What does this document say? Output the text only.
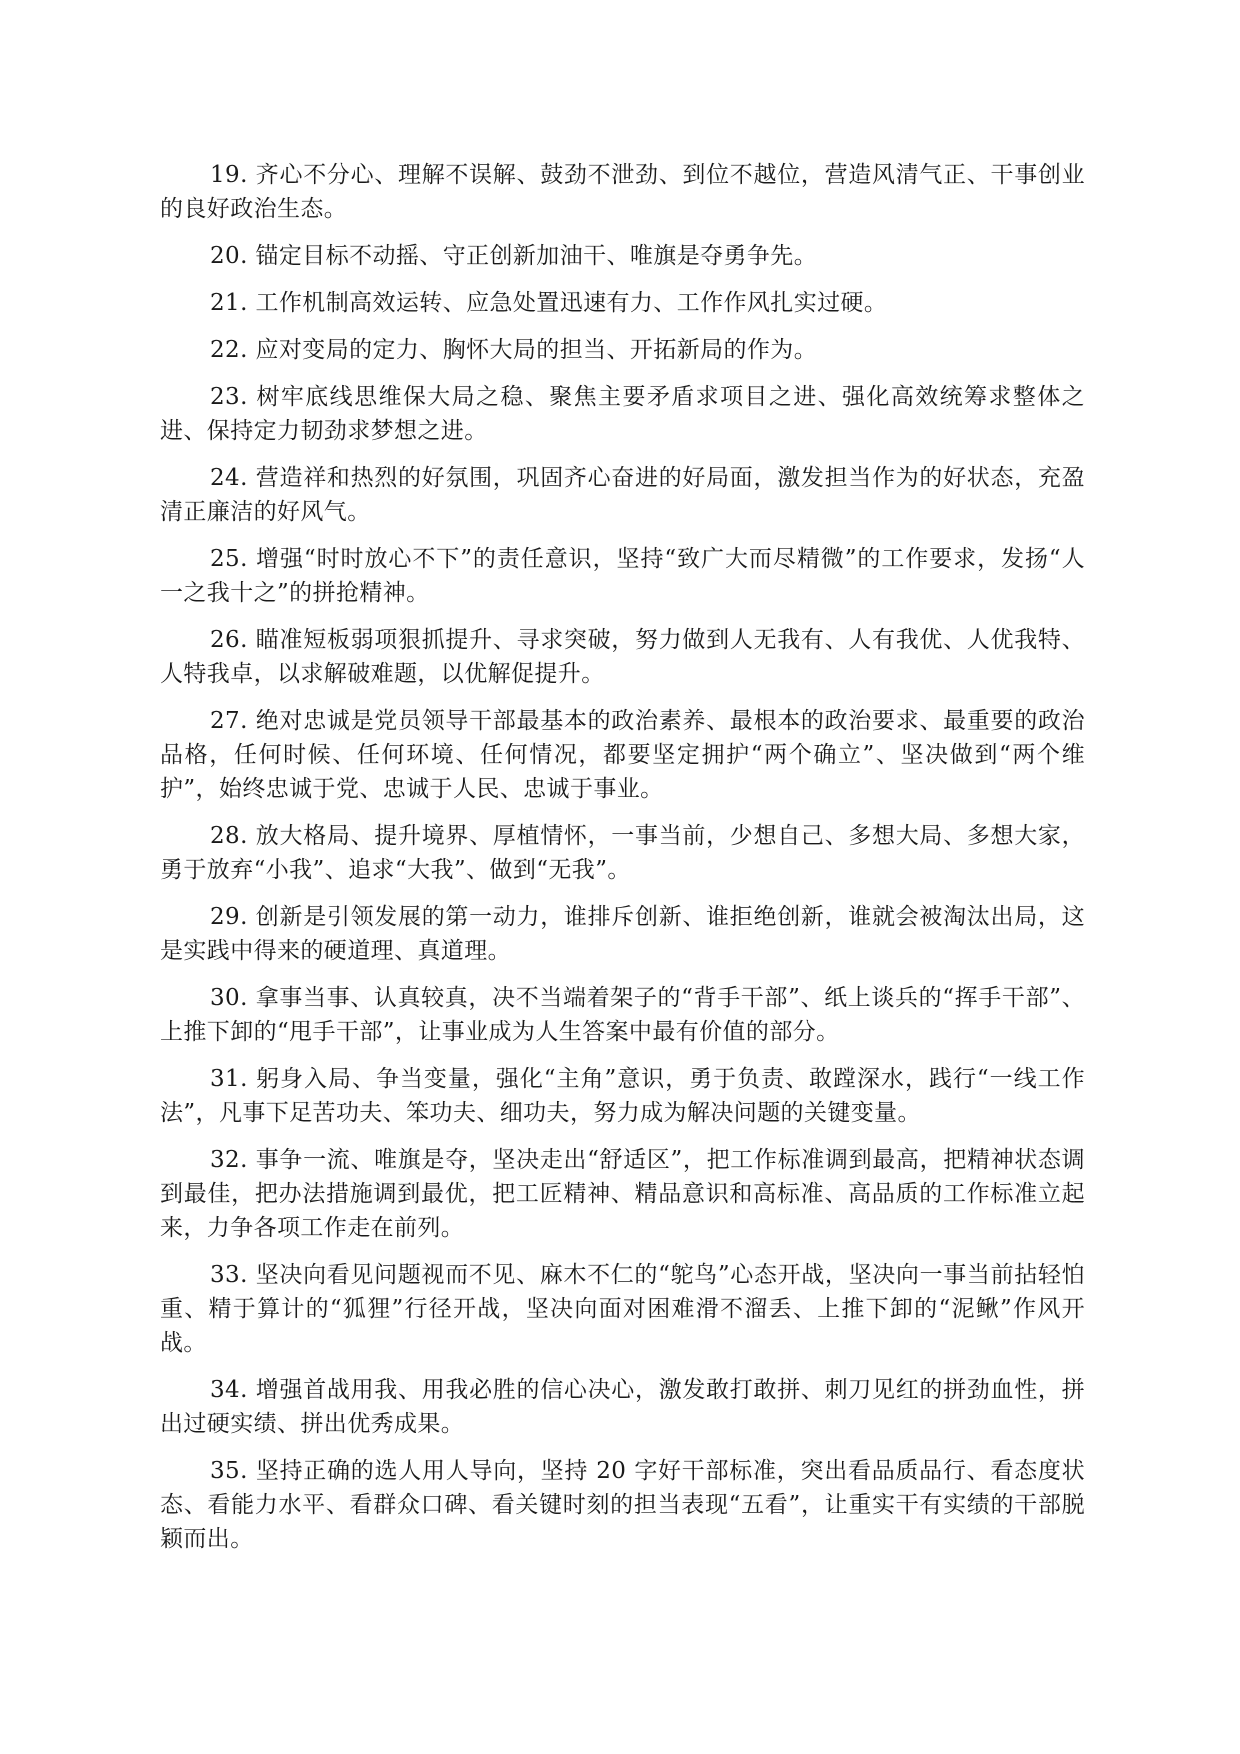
19. 齐心不分心、理解不误解、鼓劲不泄劲、到位不越位，营造风清气正、干事创业的良好政治生态。

20. 锚定目标不动摇、守正创新加油干、唯旗是夺勇争先。

21. 工作机制高效运转、应急处置迅速有力、工作作风扎实过硬。

22. 应对变局的定力、胸怀大局的担当、开拓新局的作为。

23. 树牢底线思维保大局之稳、聚焦主要矛盾求项目之进、强化高效统筹求整体之进、保持定力韧劲求梦想之进。

24. 营造祥和热烈的好氛围，巩固齐心奋进的好局面，激发担当作为的好状态，充盈清正廉洁的好风气。

25. 增强“时时放心不下”的责任意识，坚持“致广大而尽精微”的工作要求，发扬“人一之我十之”的拼抢精神。

26. 瞄准短板弱项狠抓提升、寻求突破，努力做到人无我有、人有我优、人优我特、人特我卓，以求解破难题，以优解促提升。

27. 绝对忠诚是党员领导干部最基本的政治素养、最根本的政治要求、最重要的政治品格，任何时候、任何环境、任何情况，都要坚定拥护“两个确立”、坚决做到“两个维护”，始终忠诚于党、忠诚于人民、忠诚于事业。

28. 放大格局、提升境界、厚植情怀，一事当前，少想自己、多想大局、多想大家，勇于放弃“小我”、追求“大我”、做到“无我”。

29. 创新是引领发展的第一动力，谁排斥创新、谁拒绝创新，谁就会被淘汰出局，这是实践中得来的硬道理、真道理。

30. 拿事当事、认真较真，决不当端着架子的“背手干部”、纸上谈兵的“挥手干部”、上推下卸的“甩手干部”，让事业成为人生答案中最有价值的部分。

31. 躬身入局、争当变量，强化“主角”意识，勇于负责、敢蹚深水，践行“一线工作法”，凡事下足苦功夫、笨功夫、细功夫，努力成为解决问题的关键变量。

32. 事争一流、唯旗是夺，坚决走出“舒适区”，把工作标准调到最高，把精神状态调到最佳，把办法措施调到最优，把工匠精神、精品意识和高标准、高品质的工作标准立起来，力争各项工作走在前列。

33. 坚决向看见问题视而不见、麻木不仁的“鸵鸟”心态开战，坚决向一事当前拈轻怕重、精于算计的“狐狸”行径开战，坚决向面对困难滑不溜丢、上推下卸的“泥鳅”作风开战。

34. 增强首战用我、用我必胜的信心决心，激发敢打敢拼、刺刀见红的拼劲血性，拼出过硬实绩、拼出优秀成果。

35. 坚持正确的选人用人导向，坚持 20 字好干部标准，突出看品质品行、看态度状态、看能力水平、看群众口碑、看关键时刻的担当表现“五看”，让重实干有实绩的干部脱颖而出。
